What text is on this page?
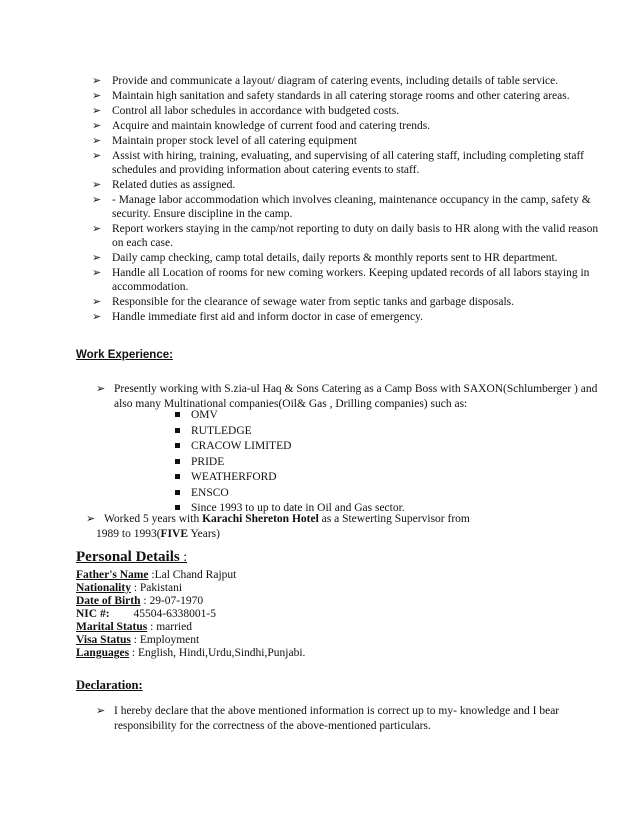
➢ Provide and communicate a layout/ diagram of catering events, including details of table service.
➢ Maintain high sanitation and safety standards in all catering storage rooms and other catering areas.
➢ Control all labor schedules in accordance with budgeted costs.
➢ Acquire and maintain knowledge of current food and catering trends.
➢ Maintain proper stock level of all catering equipment
➢ Assist with hiring, training, evaluating, and supervising of all catering staff, including completing staff schedules and providing information about catering events to staff.
➢ Related duties as assigned.
➢ - Manage labor accommodation which involves cleaning, maintenance occupancy in the camp, safety & security. Ensure discipline in the camp.
➢ Report workers staying in the camp/not reporting to duty on daily basis to HR along with the valid reason on each case.
➢ Daily camp checking, camp total details, daily reports & monthly reports sent to HR department.
➢ Handle all Location of rooms for new coming workers. Keeping updated records of all labors staying in accommodation.
➢ Responsible for the clearance of sewage water from septic tanks and garbage disposals.
➢ Handle immediate first aid and inform doctor in case of emergency.
Work Experience:
➢ Presently working with S.zia-ul Haq & Sons Catering as a Camp Boss with SAXON(Schlumberger ) and also many Multinational companies(Oil& Gas , Drilling companies) such as:
OMV
RUTLEDGE
CRACOW LIMITED
PRIDE
WEATHERFORD
ENSCO
Since 1993 to up to date in Oil and Gas sector.
➢ Worked 5 years with Karachi Shereton Hotel as a Stewerting Supervisor from
1989 to 1993(FIVE Years)
Personal Details :
Father's Name :Lal Chand Rajput
Nationality : Pakistani
Date of Birth : 29-07-1970
NIC #: 45504-6338001-5
Marital Status : married
Visa Status : Employment
Languages : English, Hindi,Urdu,Sindhi,Punjabi.
Declaration:
➢ I hereby declare that the above mentioned information is correct up to my- knowledge and I bear responsibility for the correctness of the above-mentioned particulars.
